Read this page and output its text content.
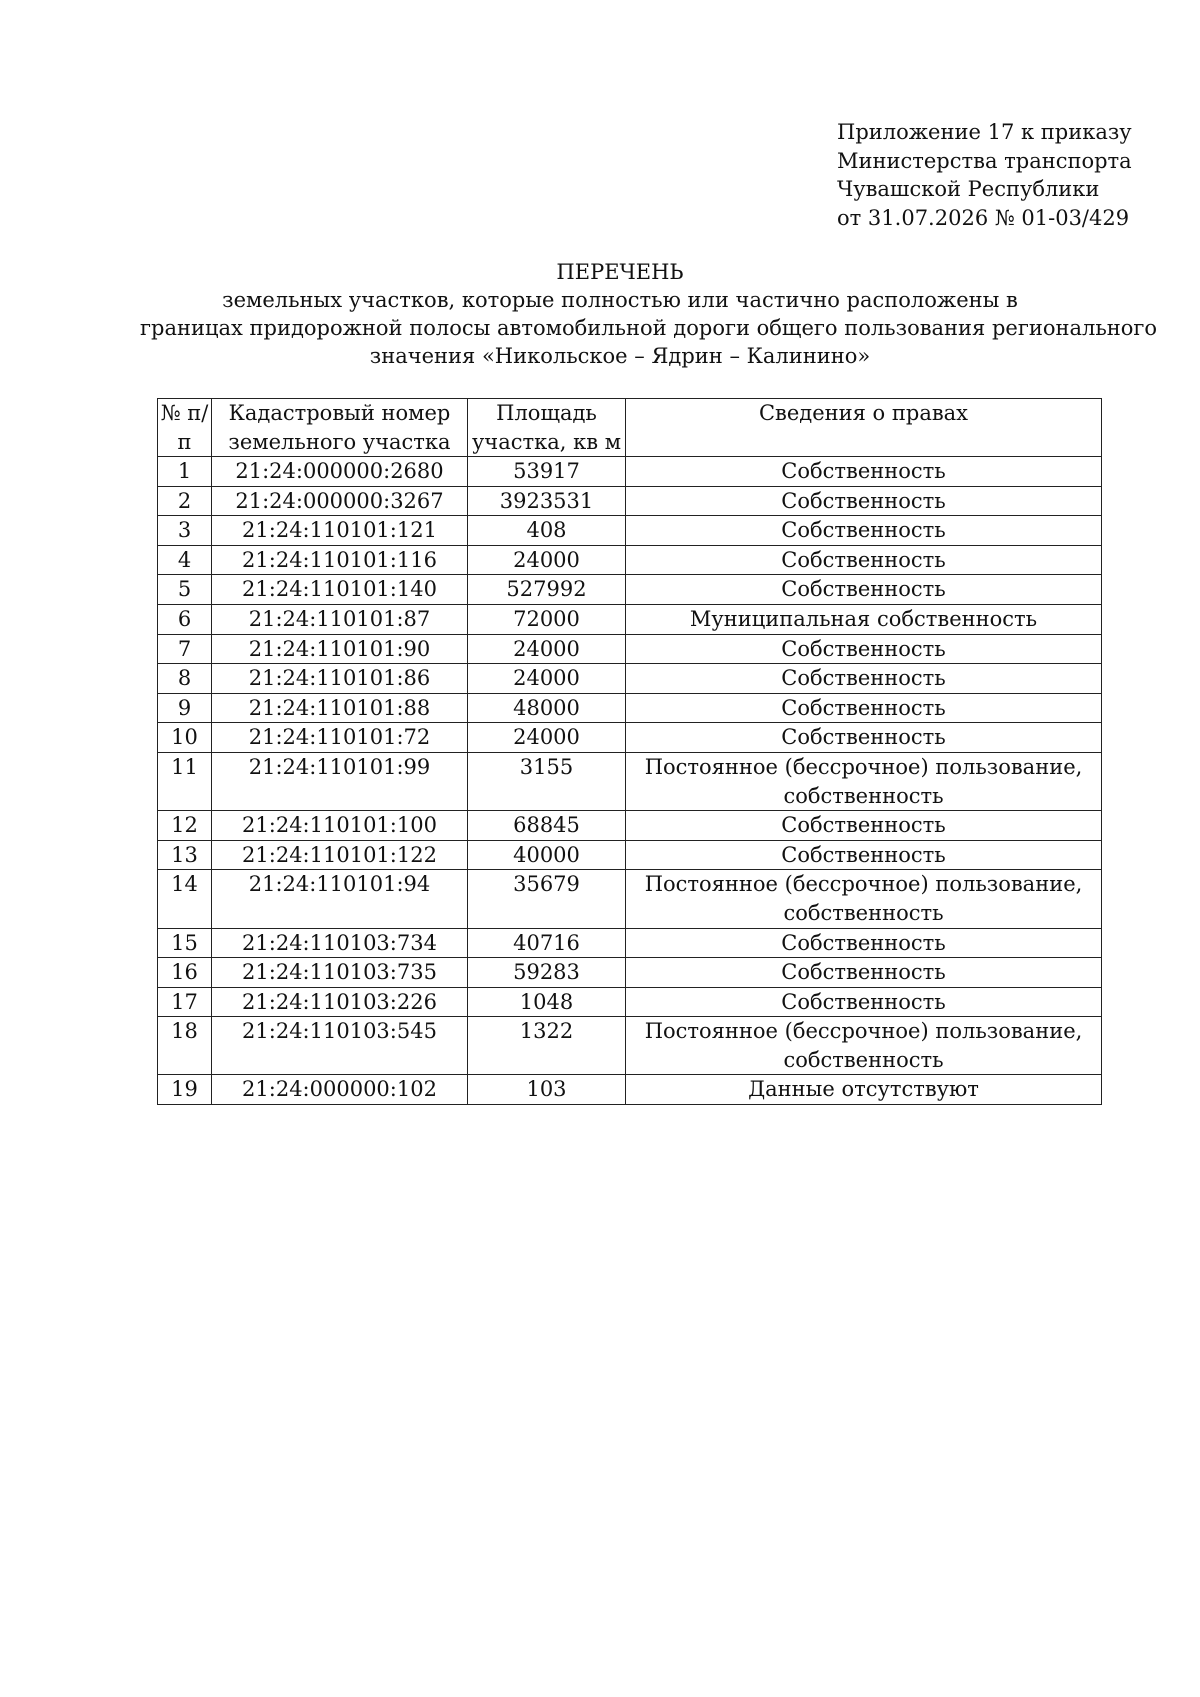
Приложение 17 к приказу
Министерства транспорта
Чувашской Республики
от 31.07.2026 № 01-03/429
ПЕРЕЧЕНЬ
земельных участков, которые полностью или частично расположены в
границах придорожной полосы автомобильной дороги общего пользования регионального
значения «Никольское – Ядрин – Калинино»
№ п/п	Кадастровый номер земельного участка	Площадь участка, кв м	Сведения о правах
1	21:24:000000:2680	53917	Собственность
2	21:24:000000:3267	3923531	Собственность
3	21:24:110101:121	408	Собственность
4	21:24:110101:116	24000	Собственность
5	21:24:110101:140	527992	Собственность
6	21:24:110101:87	72000	Муниципальная собственность
7	21:24:110101:90	24000	Собственность
8	21:24:110101:86	24000	Собственность
9	21:24:110101:88	48000	Собственность
10	21:24:110101:72	24000	Собственность
11	21:24:110101:99	3155	Постоянное (бессрочное) пользование, собственность
12	21:24:110101:100	68845	Собственность
13	21:24:110101:122	40000	Собственность
14	21:24:110101:94	35679	Постоянное (бессрочное) пользование, собственность
15	21:24:110103:734	40716	Собственность
16	21:24:110103:735	59283	Собственность
17	21:24:110103:226	1048	Собственность
18	21:24:110103:545	1322	Постоянное (бессрочное) пользование, собственность
19	21:24:000000:102	103	Данные отсутствуют
